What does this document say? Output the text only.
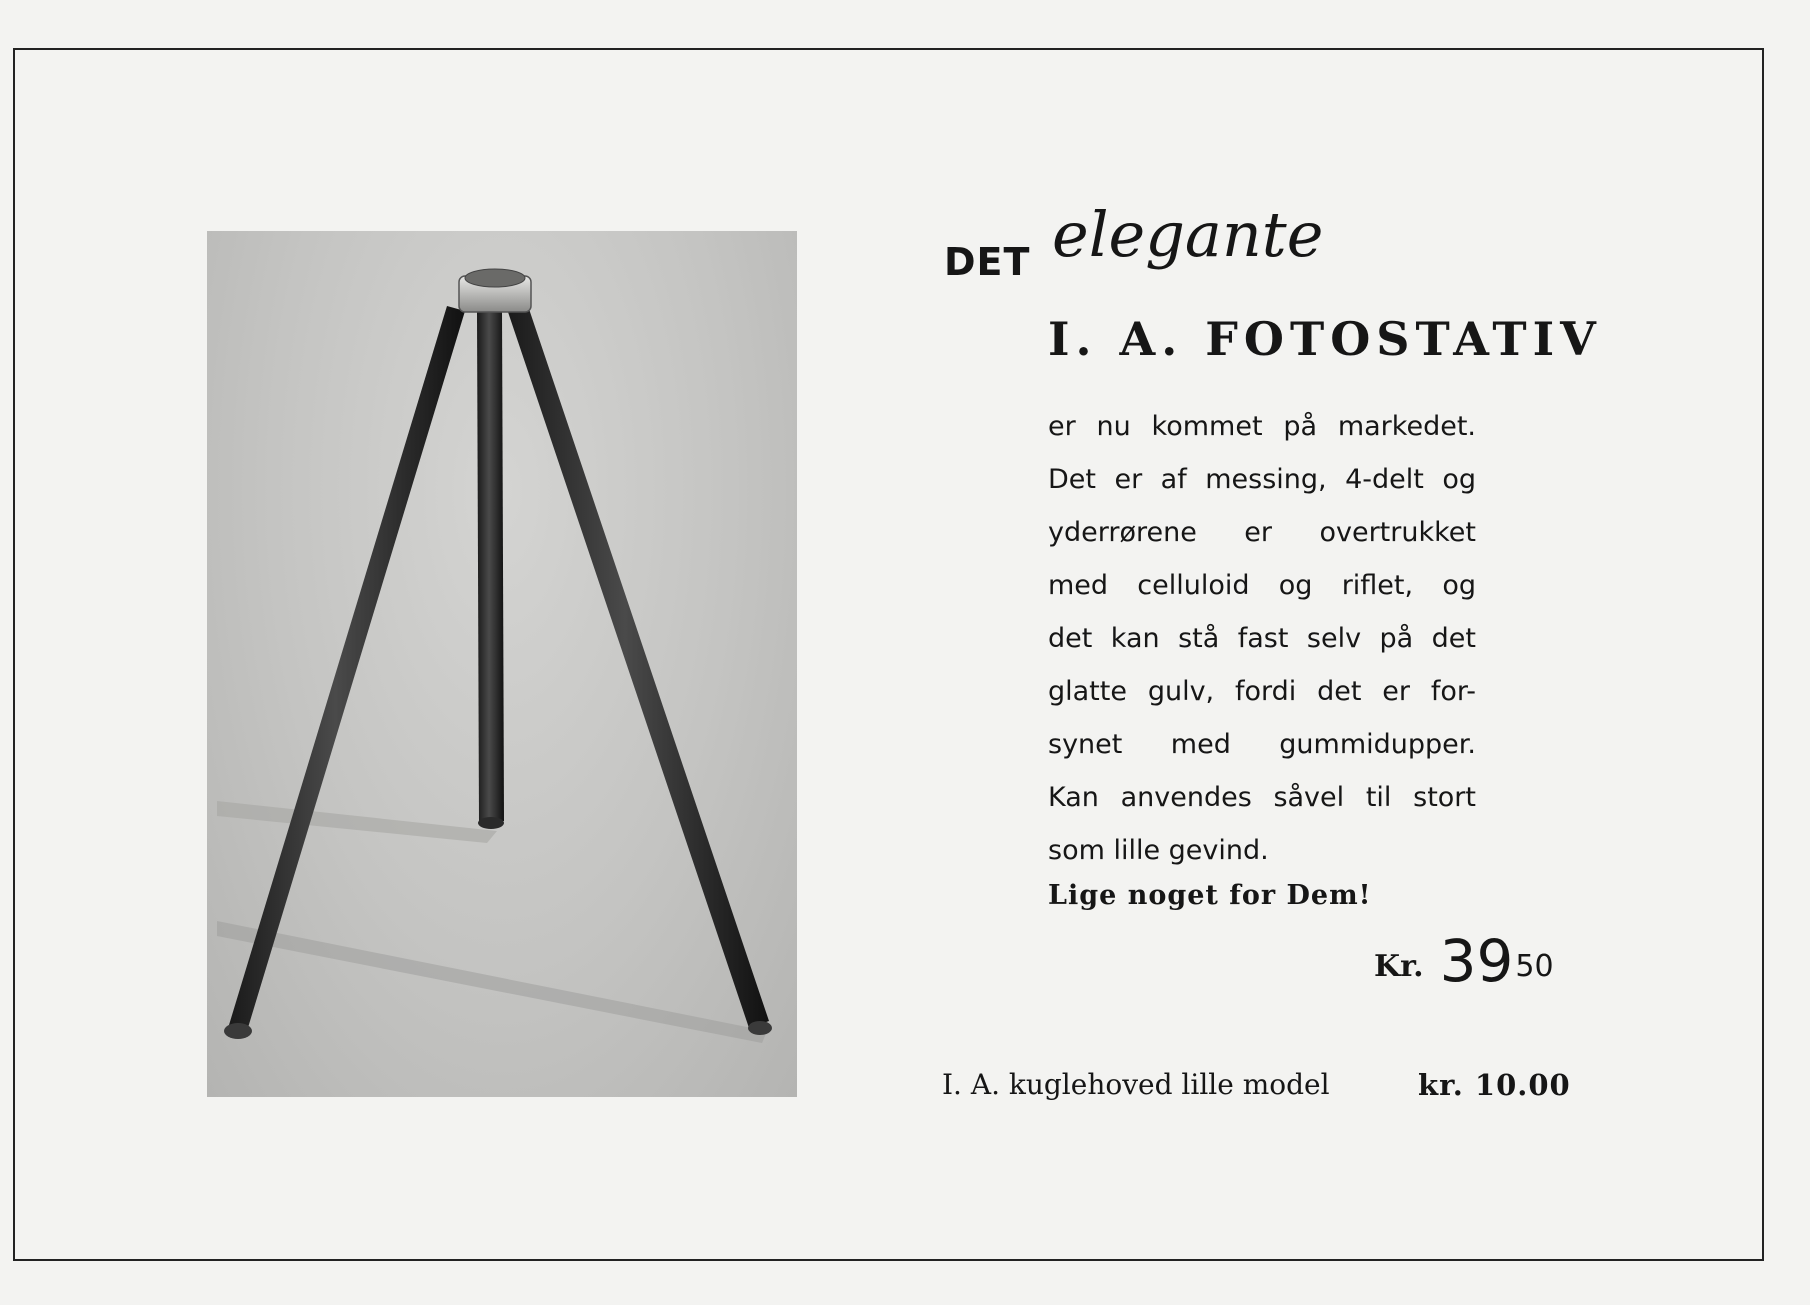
DET elegante
I. A. FOTOSTATIV
er nu kommet på markedet.
Det er af messing, 4-delt og
yderrørene er overtrukket
med celluloid og riflet, og
det kan stå fast selv på det
glatte gulv, fordi det er for-
synet med gummidupper.
Kan anvendes såvel til stort
som lille gevind.
Lige noget for Dem!
Kr. 39 50
I. A. kuglehoved lille model	kr. 10.00
